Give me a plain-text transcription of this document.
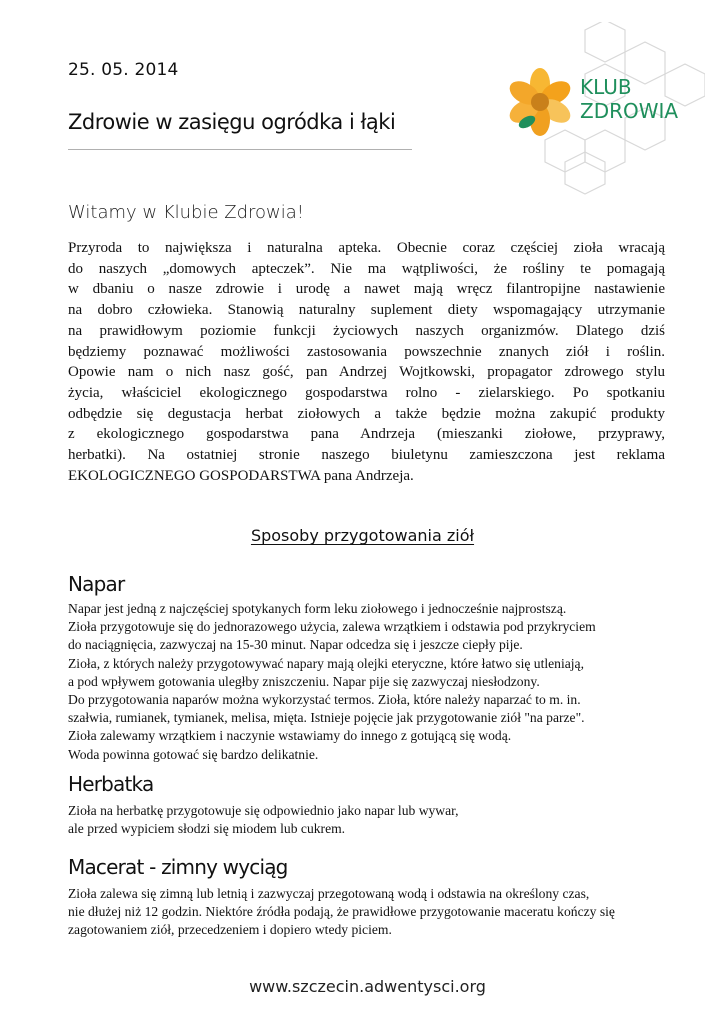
25. 05. 2014
Zdrowie w zasięgu ogródka i łąki
KLUB
ZDROWIA
Witamy w Klubie Zdrowia!
Przyroda to największa i naturalna apteka. Obecnie coraz częściej zioła wracają
do naszych „domowych apteczek”. Nie ma wątpliwości, że rośliny te pomagają
w dbaniu o nasze zdrowie i urodę a nawet mają wręcz filantropijne nastawienie
na dobro człowieka. Stanowią naturalny suplement diety wspomagający utrzymanie
na prawidłowym poziomie funkcji życiowych naszych organizmów. Dlatego dziś
będziemy poznawać możliwości zastosowania powszechnie znanych ziół i roślin.
Opowie nam o nich nasz gość, pan Andrzej Wojtkowski, propagator zdrowego stylu
życia, właściciel ekologicznego gospodarstwa rolno - zielarskiego. Po spotkaniu
odbędzie się degustacja herbat ziołowych a także będzie można zakupić produkty
z ekologicznego gospodarstwa pana Andrzeja (mieszanki ziołowe, przyprawy,
herbatki). Na ostatniej stronie naszego biuletynu zamieszczona jest reklama
EKOLOGICZNEGO GOSPODARSTWA pana Andrzeja.
Sposoby przygotowania ziół
Napar
Napar jest jedną z najczęściej spotykanych form leku ziołowego i jednocześnie najprostszą.
Zioła przygotowuje się do jednorazowego użycia, zalewa wrzątkiem i odstawia pod przykryciem
do naciągnięcia, zazwyczaj na 15-30 minut. Napar odcedza się i jeszcze ciepły pije.
Zioła, z których należy przygotowywać napary mają olejki eteryczne, które łatwo się utleniają,
a pod wpływem gotowania uległby zniszczeniu. Napar pije się zazwyczaj niesłodzony.
Do przygotowania naparów można wykorzystać termos. Zioła, które należy naparzać to m. in.
szałwia, rumianek, tymianek, melisa, mięta. Istnieje pojęcie jak przygotowanie ziół "na parze".
Zioła zalewamy wrzątkiem i naczynie wstawiamy do innego z gotującą się wodą.
Woda powinna gotować się bardzo delikatnie.
Herbatka
Zioła na herbatkę przygotowuje się odpowiednio jako napar lub wywar,
ale przed wypiciem słodzi się miodem lub cukrem.
Macerat - zimny wyciąg
Zioła zalewa się zimną lub letnią i zazwyczaj przegotowaną wodą i odstawia na określony czas,
nie dłużej niż 12 godzin. Niektóre źródła podają, że prawidłowe przygotowanie maceratu kończy się
zagotowaniem ziół, przecedzeniem i dopiero wtedy piciem.
www.szczecin.adwentysci.org
